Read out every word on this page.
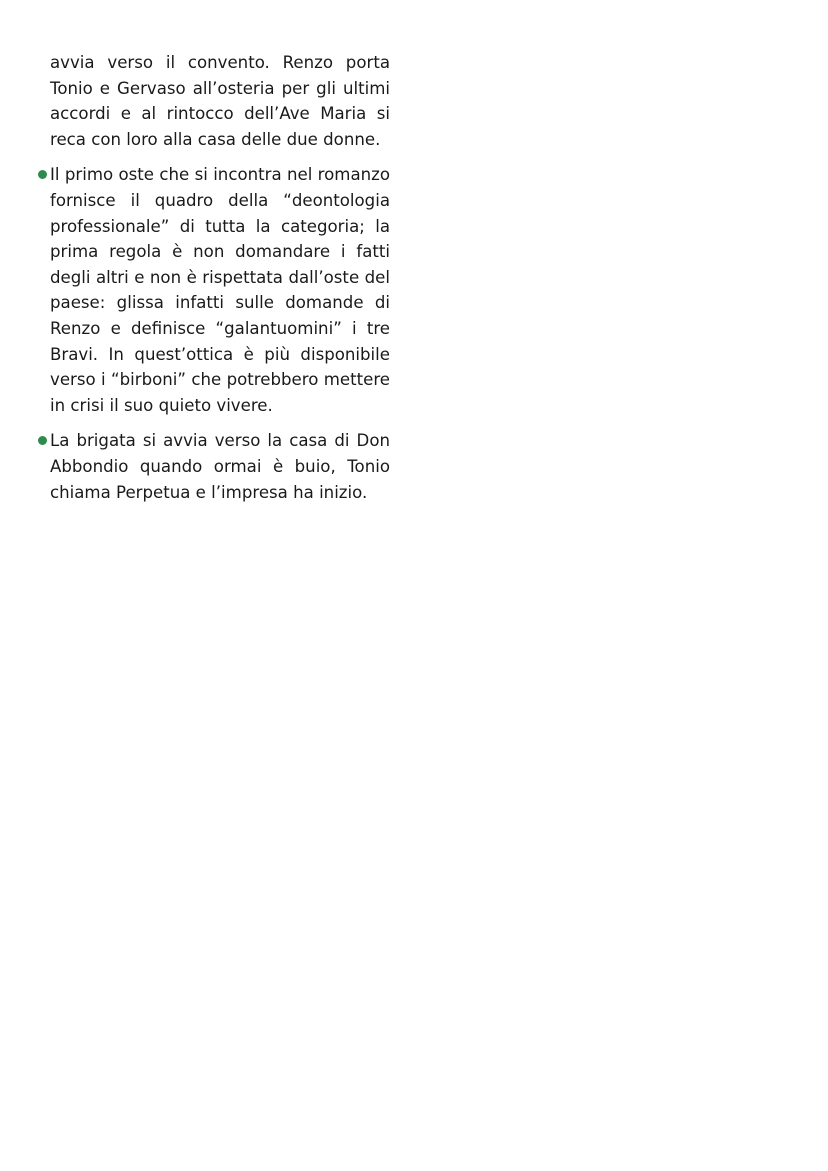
avvia verso il convento. Renzo porta Tonio e Gervaso all’osteria per gli ultimi accordi e al rintocco dell’Ave Maria si reca con loro alla casa delle due donne.

Il primo oste che si incontra nel romanzo fornisce il quadro della “deontologia professionale” di tutta la categoria; la prima regola è non domandare i fatti degli altri e non è rispettata dall’oste del paese: glissa infatti sulle domande di Renzo e definisce “galantuomini” i tre Bravi. In quest’ottica è più disponibile verso i “birboni” che potrebbero mettere in crisi il suo quieto vivere.

La brigata si avvia verso la casa di Don Abbondio quando ormai è buio, Tonio chiama Perpetua e l’impresa ha inizio.
